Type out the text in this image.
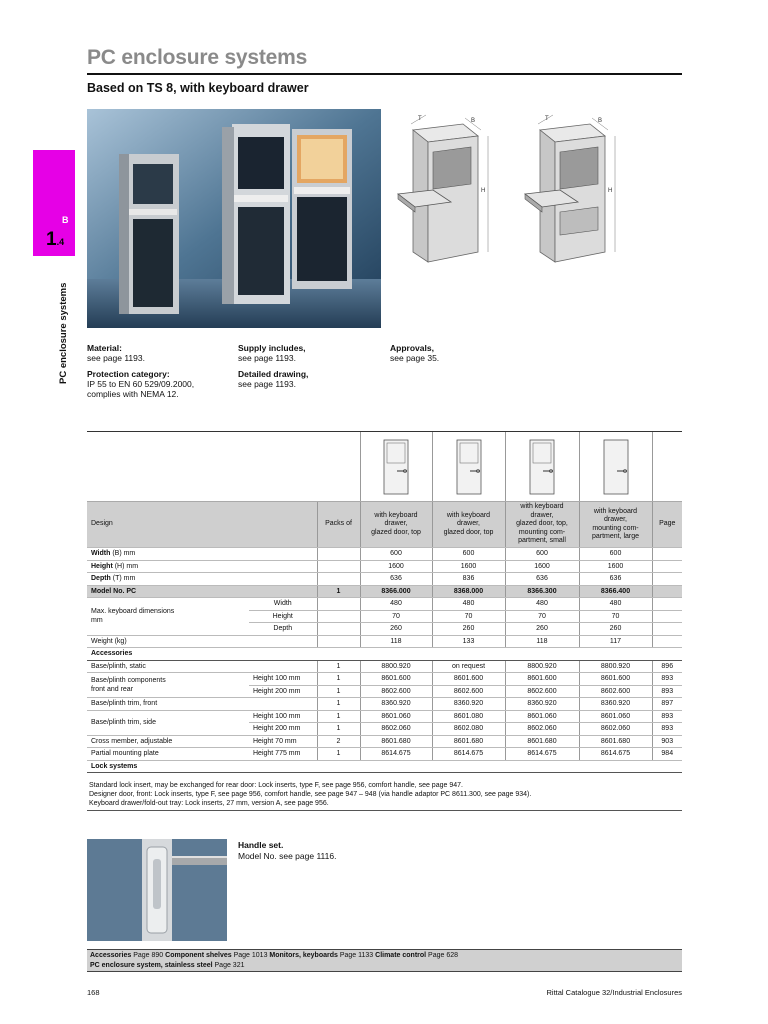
PC enclosure systems
Based on TS 8, with keyboard drawer
B
1.4
PC enclosure systems
T	B
H
T	B
H
Material:
see page 1193.
Protection category:
IP 55 to EN 60 529/09.2000,
complies with NEMA 12.
Supply includes,
see page 1193.
Detailed drawing,
see page 1193.
Approvals,
see page 35.

Design		Packs of	with keyboard
drawer,
glazed door, top	with keyboard
drawer,
glazed door, top	with keyboard
drawer,
glazed door, top,
mounting com-
partment, small	with keyboard
drawer,
mounting com-
partment, large	Page
Width (B) mm			600	600	600	600	
Height (H) mm			1600	1600	1600	1600	
Depth (T) mm			636	836	636	636	
Model No. PC		1	8366.000	8368.000	8366.300	8366.400	
Max. keyboard dimensions
mm	Width		480	480	480	480	
	Height		70	70	70	70	
	Depth		260	260	260	260	
Weight (kg)			118	133	118	117	
Accessories							
Base/plinth, static		1	8800.920	on request	8800.920	8800.920	896
Base/plinth components
front and rear	Height 100 mm	1	8601.600	8601.600	8601.600	8601.600	893
	Height 200 mm	1	8602.600	8602.600	8602.600	8602.600	893
Base/plinth trim, front		1	8360.920	8360.920	8360.920	8360.920	897
Base/plinth trim, side	Height 100 mm	1	8601.060	8601.080	8601.060	8601.060	893
	Height 200 mm	1	8602.060	8602.080	8602.060	8602.060	893
Cross member, adjustable	Height 70 mm	2	8601.680	8601.680	8601.680	8601.680	903
Partial mounting plate	Height 775 mm	1	8614.675	8614.675	8614.675	8614.675	984
Lock systems							
Standard lock insert, may be exchanged for rear door: Lock inserts, type F, see page 956, comfort handle, see page 947.
Designer door, front: Lock inserts, type F, see page 956, comfort handle, see page 947 – 948 (via handle adaptor PC 8611.300, see page 934).
Keyboard drawer/fold-out tray: Lock inserts, 27 mm, version A, see page 956.
Handle set.
Model No. see page 1116.
Accessories Page 890 Component shelves Page 1013 Monitors, keyboards Page 1133 Climate control Page 628
PC enclosure system, stainless steel Page 321
168	Rittal Catalogue 32/Industrial Enclosures
